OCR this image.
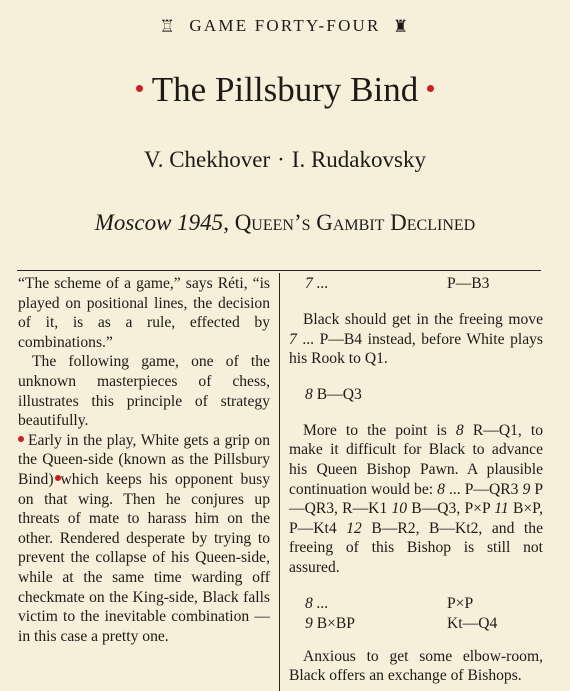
♖ GAME FORTY-FOUR ♜
The Pillsbury Bind
V. Chekhover · I. Rudakovsky
Moscow 1945, Queen’s Gambit Declined

“The scheme of a game,” says Réti, “is played on positional lines, the decision of it, is as a rule, effected by combinations.”

The following game, one of the unknown masterpieces of chess, illustrates this principle of strategy beautifully.

Early in the play, White gets a grip on the Queen-side (known as the Pillsbury Bind) which keeps his opponent busy on that wing. Then he conjures up threats of mate to harass him on the other. Rendered desperate by trying to prevent the collapse of his Queen-side, while at the same time warding off checkmate on the King-side, Black falls victim to the inevitable combination —in this case a pretty one.

7 ...	P—B3

Black should get in the freeing move 7 ... P—B4 instead, before White plays his Rook to Q1.

8 B—Q3

More to the point is 8 R—Q1, to make it difficult for Black to advance his Queen Bishop Pawn. A plausible continuation would be: 8 ... P—QR3 9 P—QR3, R—K1 10 B—Q3, P×P 11 B×P, P—Kt4 12 B—R2, B—Kt2, and the freeing of this Bishop is still not assured.

8 ...	P×P
9 B×BP	Kt—Q4

Anxious to get some elbow-room, Black offers an exchange of Bishops.
